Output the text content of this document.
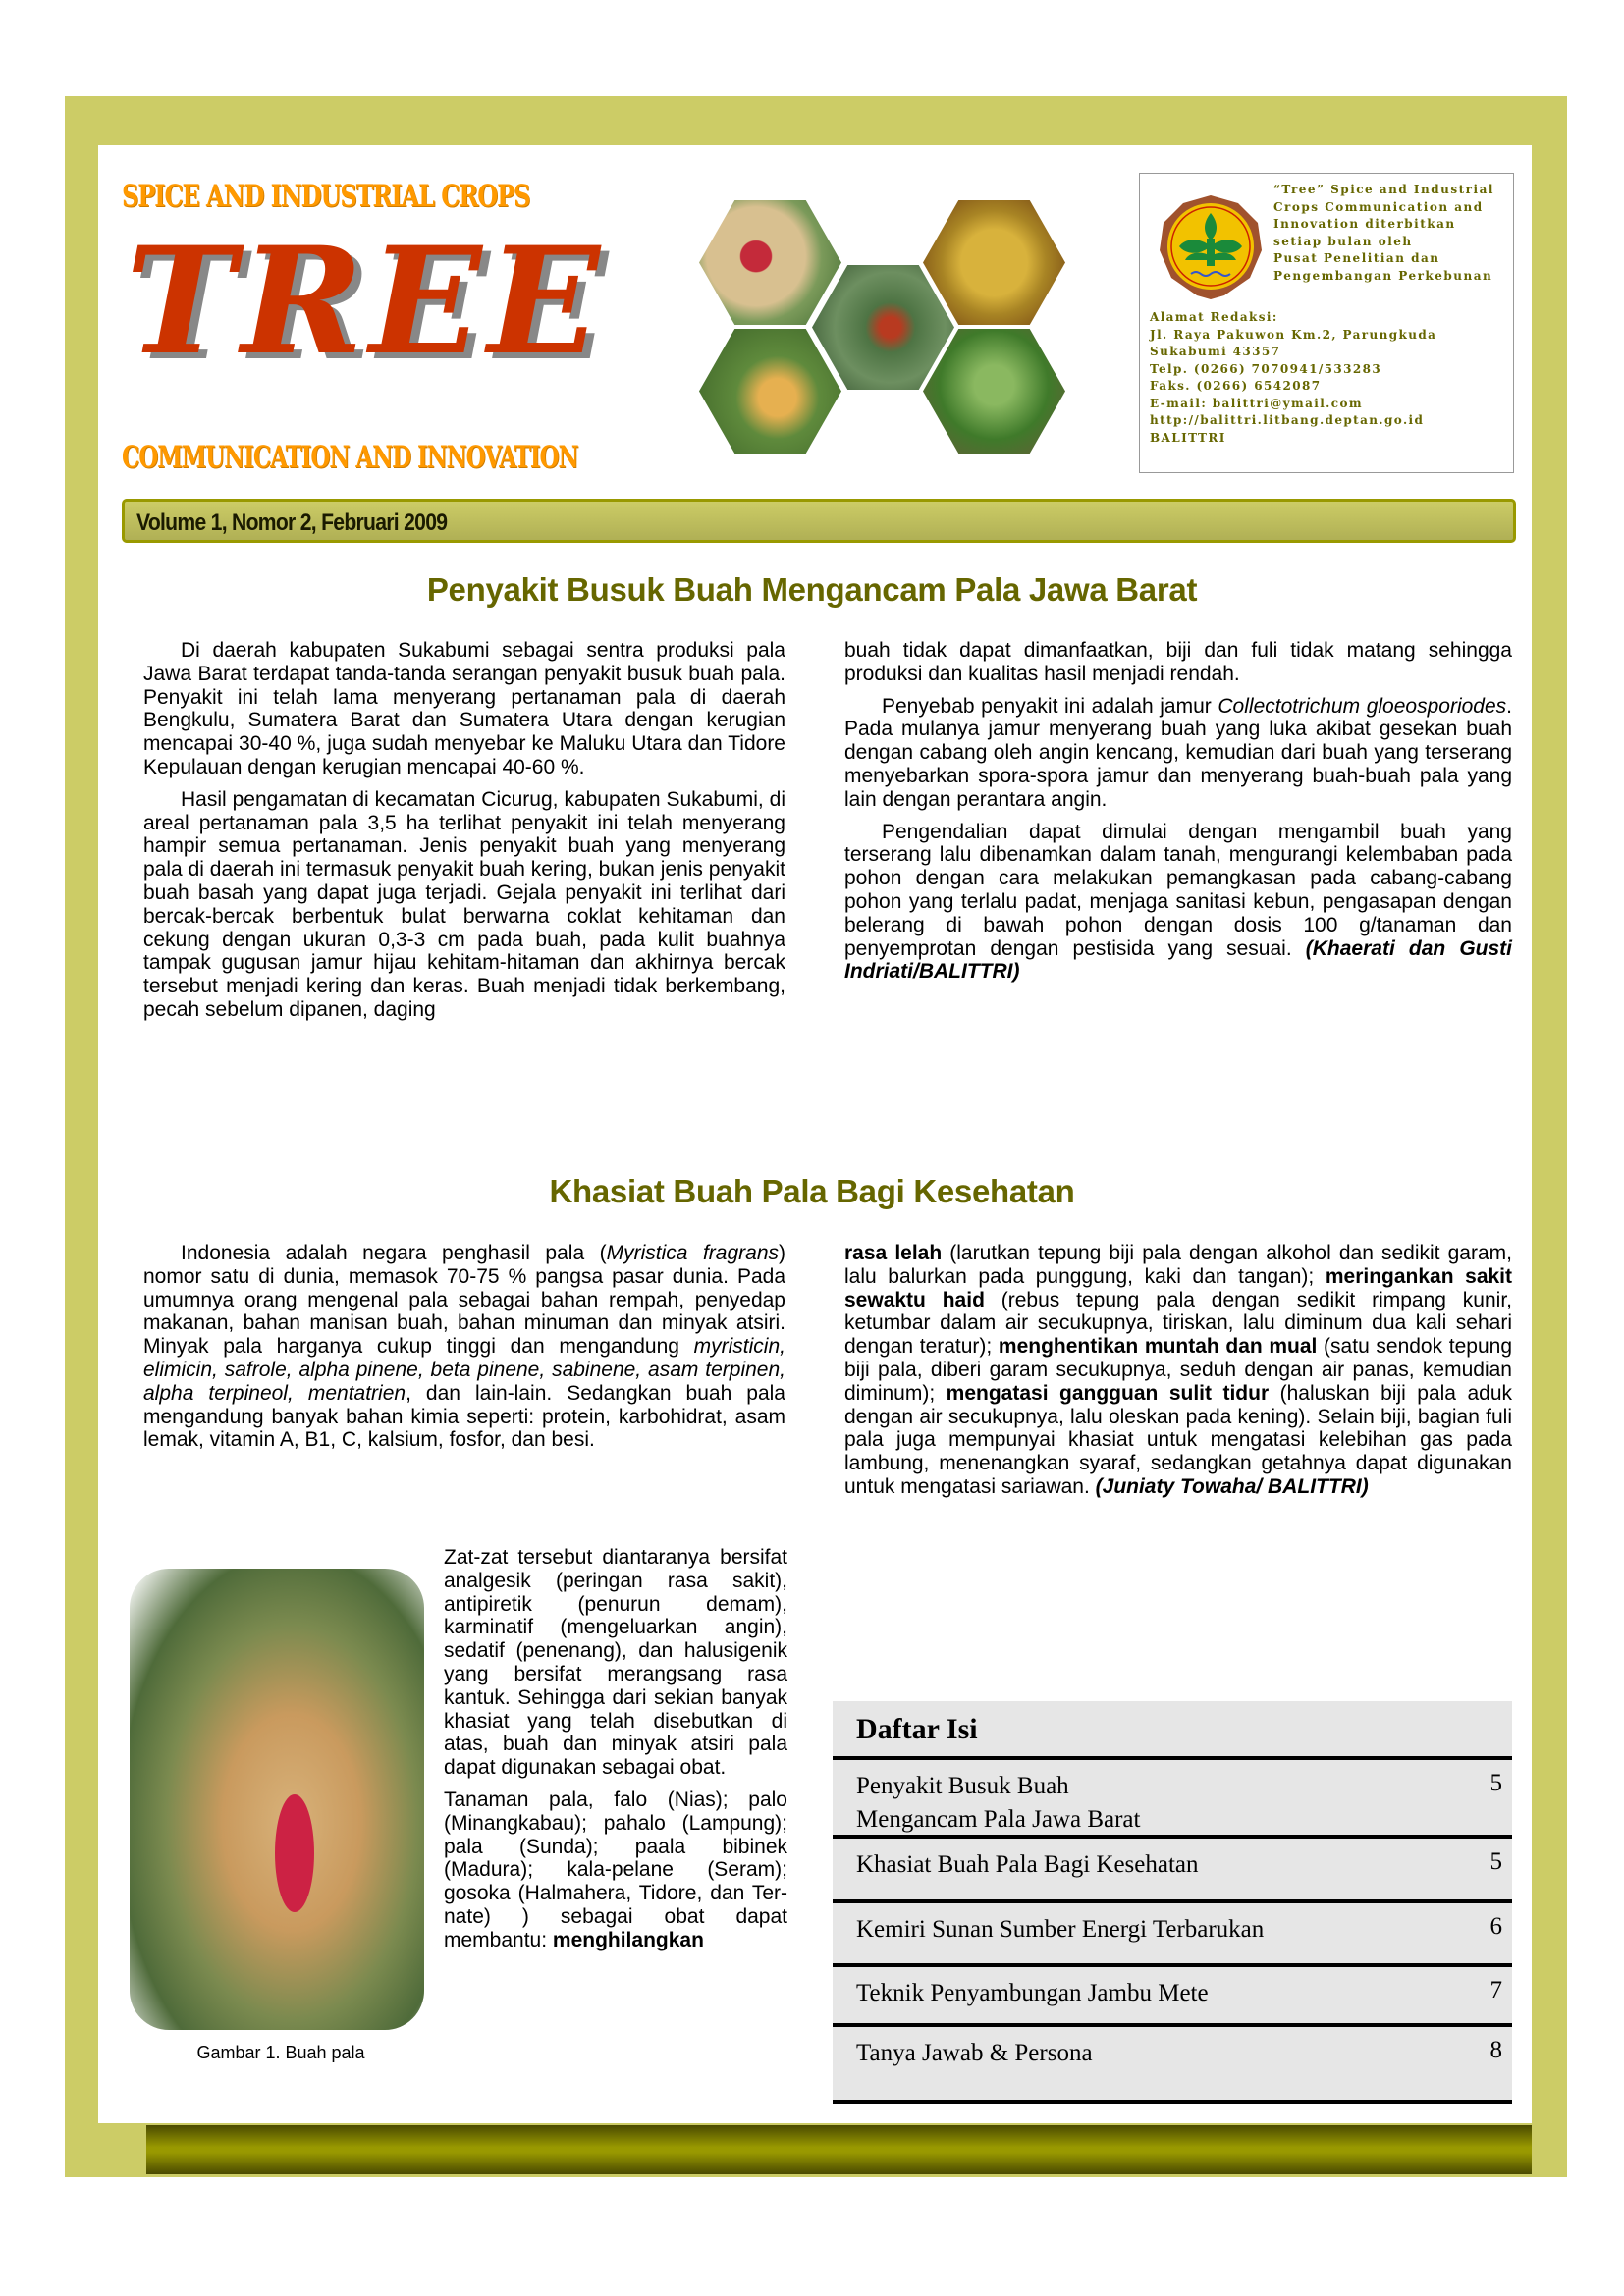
SPICE AND INDUSTRIAL CROPS
TREE
COMMUNICATION AND INNOVATION
“Tree” Spice and Industrial
Crops Communication and
Innovation diterbitkan
setiap bulan oleh
Pusat Penelitian dan
Pengembangan Perkebunan
Alamat Redaksi:
Jl. Raya Pakuwon Km.2, Parungkuda
Sukabumi 43357
Telp. (0266) 7070941/533283
Faks. (0266) 6542087
E-mail: balittri@ymail.com
http://balittri.litbang.deptan.go.id
BALITTRI
Volume 1, Nomor 2, Februari 2009
Penyakit Busuk Buah Mengancam Pala Jawa Barat

Di daerah kabupaten Sukabumi sebagai sentra produksi pala Jawa Barat terdapat tanda-tanda serangan penyakit busuk buah pala. Penyakit ini telah lama menyerang pertanaman pala di daerah Bengkulu, Sumatera Barat dan Sumatera Utara dengan kerugian mencapai 30-40 %, juga sudah menyebar ke Maluku Utara dan Tidore Kepulauan dengan kerugian mencapai 40-60 %.

Hasil pengamatan di kecamatan Cicurug, kabupaten Sukabumi, di areal pertanaman pala 3,5 ha terlihat penyakit ini telah menyerang hampir semua pertanaman. Jenis penyakit buah yang menyerang pala di daerah ini termasuk penyakit buah kering, bukan jenis penyakit buah basah yang dapat juga terjadi. Gejala penyakit ini terlihat dari bercak-bercak berbentuk bulat berwarna coklat kehitaman dan cekung dengan ukuran 0,3-3 cm pada buah, pada kulit buahnya tampak gugusan jamur hijau kehitam-hitaman dan akhirnya bercak tersebut menjadi kering dan keras. Buah menjadi tidak berkembang, pecah sebelum dipanen, daging

buah tidak dapat dimanfaatkan, biji dan fuli tidak matang sehingga produksi dan kualitas hasil menjadi rendah.

Penyebab penyakit ini adalah jamur Collectotrichum gloeosporiodes. Pada mulanya jamur menyerang buah yang luka akibat gesekan buah dengan cabang oleh angin kencang, kemudian dari buah yang terserang menyebarkan spora-spora jamur dan menyerang buah-buah pala yang lain dengan perantara angin.

Pengendalian dapat dimulai dengan mengambil buah yang terserang lalu dibenamkan dalam tanah, mengurangi kelembaban pada pohon dengan cara melakukan pemangkasan pada cabang-cabang pohon yang terlalu padat, menjaga sanitasi kebun, pengasapan dengan belerang di bawah pohon dengan dosis 100 g/tanaman dan penyemprotan dengan pestisida yang sesuai. (Khaerati dan Gusti Indriati/BALITTRI)

Khasiat Buah Pala Bagi Kesehatan

Indonesia adalah negara penghasil pala (Myristica fragrans) nomor satu di dunia, memasok 70-75 % pangsa pasar dunia. Pada umumnya orang mengenal pala sebagai bahan rempah, penyedap makanan, bahan manisan buah, bahan minuman dan minyak atsiri. Minyak pala harganya cukup tinggi dan mengandung myristicin, elimicin, safrole, alpha pinene, beta pinene, sabinene, asam terpinen, alpha terpineol, mentatrien, dan lain-lain. Sedangkan buah pala mengandung banyak bahan kimia seperti: protein, karbohidrat, asam lemak, vitamin A, B1, C, kalsium, fosfor, dan besi.

Gambar 1. Buah pala

Zat-zat tersebut diantaranya bersifat analgesik (peringan rasa sakit), antipiretik (penurun demam), karminatif (mengeluarkan angin), sedatif (penenang), dan halusigenik yang bersifat merangsang rasa kantuk. Sehingga dari sekian banyak khasiat yang telah disebutkan di atas, buah dan minyak atsiri pala dapat digunakan sebagai obat.

Tanaman pala, falo (Nias); palo (Minangkabau); pahalo (Lampung); pala (Sunda); paala bibinek (Madura); kala-pelane (Seram); gosoka (Halmahera, Tidore, dan Ter-nate) ) sebagai obat dapat membantu: menghilangkan

rasa lelah (larutkan tepung biji pala dengan alkohol dan sedikit garam, lalu balurkan pada punggung, kaki dan tangan); meringankan sakit sewaktu haid (rebus tepung pala dengan sedikit rimpang kunir, ketumbar dalam air secukupnya, tiriskan, lalu diminum dua kali sehari dengan teratur); menghentikan muntah dan mual (satu sendok tepung biji pala, diberi garam secukupnya, seduh dengan air panas, kemudian diminum); mengatasi gangguan sulit tidur (haluskan biji pala aduk dengan air secukupnya, lalu oleskan pada kening). Selain biji, bagian fuli pala juga mempunyai khasiat untuk mengatasi kelebihan gas pada lambung, menenangkan syaraf, sedangkan getahnya dapat digunakan untuk mengatasi sariawan. (Juniaty Towaha/ BALITTRI)

Daftar Isi
Penyakit Busuk Buah
Mengancam Pala Jawa Barat
5
Khasiat Buah Pala Bagi Kesehatan	5
Kemiri Sunan Sumber Energi Terbarukan	6
Teknik Penyambungan Jambu Mete	7
Tanya Jawab & Persona	8
